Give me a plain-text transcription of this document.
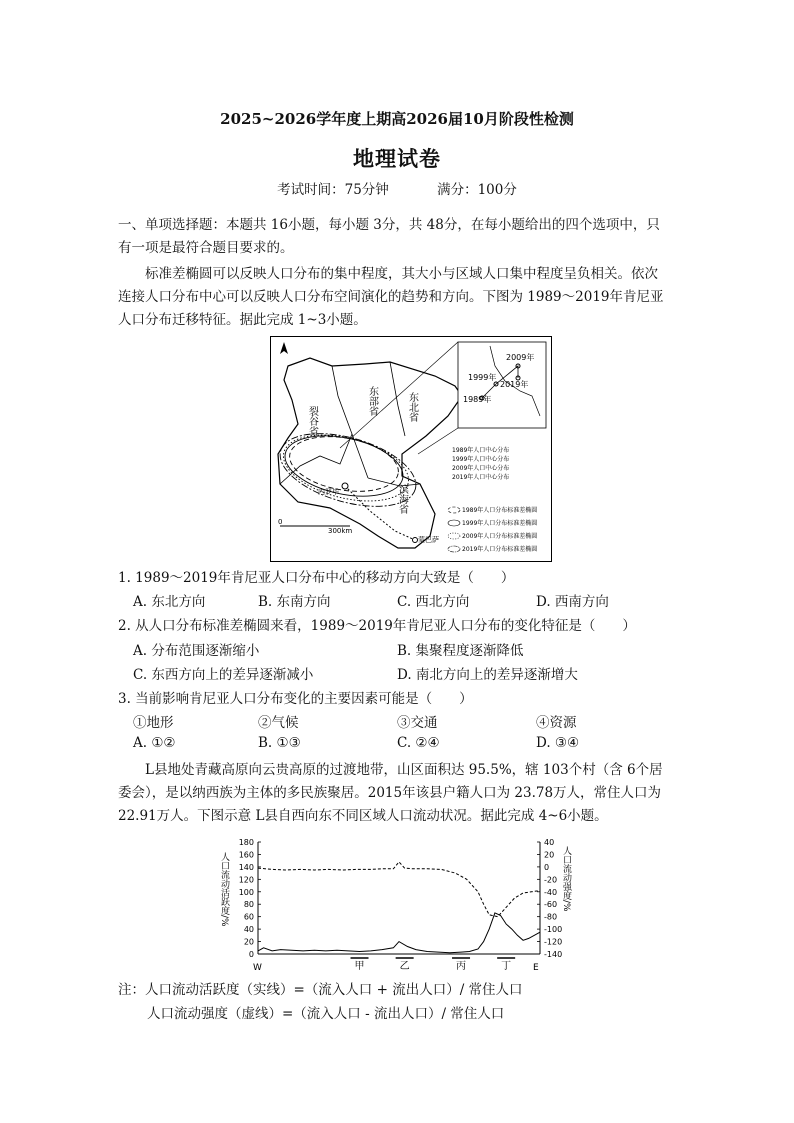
2025~2026学年度上期高2026届10月阶段性检测
地理试卷
考试时间：75分钟	满分：100分
一、单项选择题：本题共 16小题，每小题 3分，共 48分，在每小题给出的四个选项中，只
有一项是最符合题目要求的。
标准差椭圆可以反映人口分布的集中程度，其大小与区域人口集中程度呈负相关。依次
连接人口分布中心可以反映人口分布空间演化的趋势和方向。下图为 1989～2019年肯尼亚
人口分布迁移特征。据此完成 1~3小题。
裂谷省
东部省	东北省
滨海省
内罗毕
蒙巴萨
0
300km
2009年
1999年
2019年
1989年
1989年人口中心分布
1999年人口中心分布
2009年人口中心分布
2019年人口中心分布
1989年人口分布标准差椭圆
1999年人口分布标准差椭圆
2009年人口分布标准差椭圆
2019年人口分布标准差椭圆
1. 1989～2019年肯尼亚人口分布中心的移动方向大致是（　　）
A. 东北方向	B. 东南方向	C. 西北方向	D. 西南方向
2. 从人口分布标准差椭圆来看，1989～2019年肯尼亚人口分布的变化特征是（　　）
A. 分布范围逐渐缩小	B. 集聚程度逐渐降低
C. 东西方向上的差异逐渐减小	D. 南北方向上的差异逐渐增大
3. 当前影响肯尼亚人口分布变化的主要因素可能是（　　）
①地形	②气候	③交通	④资源
A. ①②	B. ①③	C. ②④	D. ③④
L县地处青藏高原向云贵高原的过渡地带，山区面积达 95.5%，辖 103个村（含 6个居
委会），是以纳西族为主体的多民族聚居。2015年该县户籍人口为 23.78万人，常住人口为
22.91万人。下图示意 L县自西向东不同区域人口流动状况。据此完成 4~6小题。
人口流动活跃度/%	人口流动强度/%
0
20
40
60
80
100
120
140
160
180	40
20
0
-20
-40
-60
-80
-100
-120
-140
甲	乙	丙	丁
W	E
注：人口流动活跃度（实线）=（流入人口 + 流出人口）/ 常住人口
人口流动强度（虚线）=（流入人口 - 流出人口）/ 常住人口
